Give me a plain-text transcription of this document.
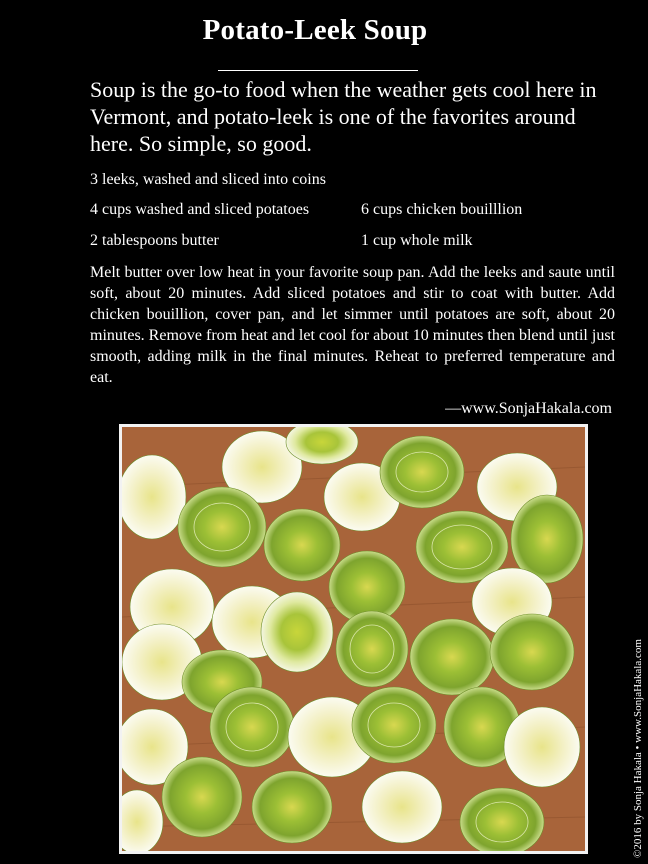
Potato-Leek Soup
Soup is the go-to food when the weather gets cool here in Vermont, and potato-leek is one of the favorites around here. So simple, so good.
3 leeks, washed and sliced into coins
4 cups washed and sliced potatoes	6 cups chicken bouilllion
2 tablespoons butter	1 cup whole milk
Melt butter over low heat in your favorite soup pan. Add the leeks and saute until soft, about 20 minutes. Add sliced potatoes and stir to coat with butter. Add chicken bouillion, cover pan, and let simmer until potatoes are soft, about 20 minutes. Remove from heat and let cool for about 10 minutes then blend until just smooth, adding milk in the final minutes. Reheat to preferred temperature and eat.
—www.SonjaHakala.com
©2016 by Sonja Hakala • www.SonjaHakala.com
